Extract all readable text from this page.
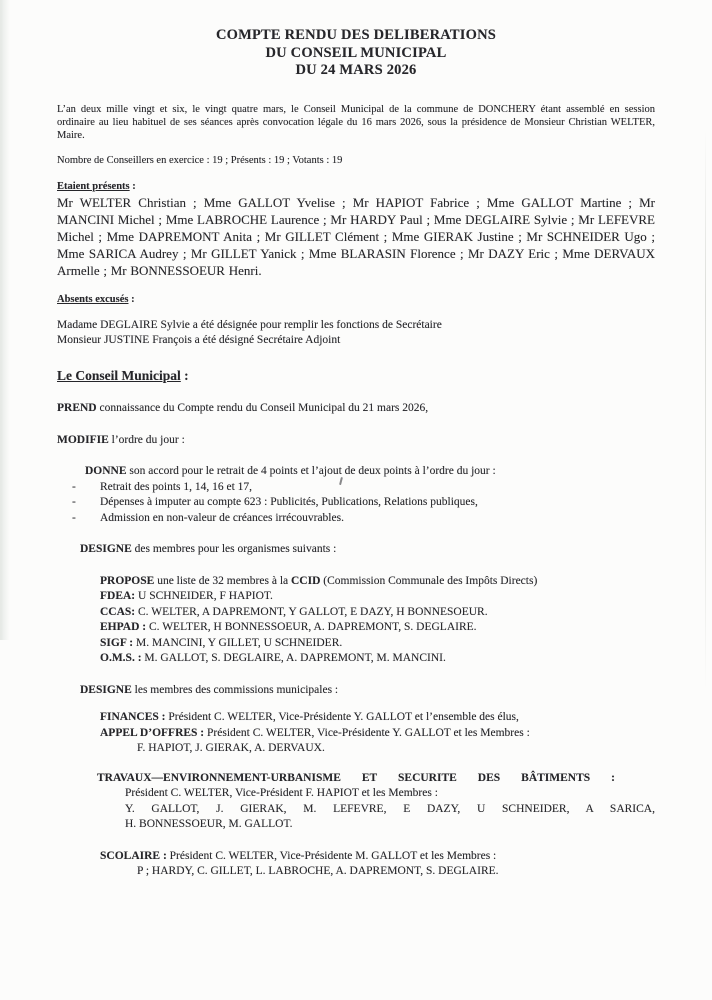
COMPTE RENDU DES DELIBERATIONS
DU CONSEIL MUNICIPAL
DU 24 MARS 2026

L’an deux mille vingt et six, le vingt quatre mars, le Conseil Municipal de la commune de DONCHERY étant assemblé en session ordinaire au lieu habituel de ses séances après convocation légale du 16 mars 2026, sous la présidence de Monsieur Christian WELTER, Maire.

Nombre de Conseillers en exercice : 19 ; Présents : 19 ; Votants : 19

Etaient présents :

Mr WELTER Christian ; Mme GALLOT Yvelise ; Mr HAPIOT Fabrice ; Mme GALLOT Martine ; Mr MANCINI Michel ; Mme LABROCHE Laurence ; Mr HARDY Paul ; Mme DEGLAIRE Sylvie ; Mr LEFEVRE Michel ; Mme DAPREMONT Anita ; Mr GILLET Clément ; Mme GIERAK Justine ; Mr SCHNEIDER Ugo ; Mme SARICA Audrey ; Mr GILLET Yanick ; Mme BLARASIN Florence ; Mr DAZY Eric ; Mme DERVAUX Armelle ; Mr BONNESSOEUR Henri.

Absents excusés :

Madame DEGLAIRE Sylvie a été désignée pour remplir les fonctions de Secrétaire
Monsieur JUSTINE François a été désigné Secrétaire Adjoint
Le Conseil Municipal :

PREND connaissance du Compte rendu du Conseil Municipal du 21 mars 2026,

MODIFIE l’ordre du jour :

DONNE son accord pour le retrait de 4 points et l’ajout de deux points à l’ordre du jour :

-	Retrait des points 1, 14, 16 et 17,
-	Dépenses à imputer au compte 623 : Publicités, Publications, Relations publiques,
-	Admission en non-valeur de créances irrécouvrables.

DESIGNE des membres pour les organismes suivants :

PROPOSE une liste de 32 membres à la CCID (Commission Communale des Impôts Directs)

FDEA: U SCHNEIDER, F HAPIOT.

CCAS: C. WELTER, A DAPREMONT, Y GALLOT, E DAZY, H BONNESOEUR.

EHPAD : C. WELTER, H BONNESSOEUR, A. DAPREMONT, S. DEGLAIRE.

SIGF : M. MANCINI, Y GILLET, U SCHNEIDER.

O.M.S. : M. GALLOT, S. DEGLAIRE, A. DAPREMONT, M. MANCINI.

DESIGNE les membres des commissions municipales :

FINANCES : Président C. WELTER, Vice-Présidente Y. GALLOT et l’ensemble des élus,

APPEL D’OFFRES : Président C. WELTER, Vice-Présidente Y. GALLOT et les Membres :

F. HAPIOT, J. GIERAK, A. DERVAUX.

TRAVAUX—ENVIRONNEMENT-URBANISME ET SECURITE DES BÂTIMENTS :

Président C. WELTER, Vice-Président F. HAPIOT et les Membres :

Y. GALLOT, J. GIERAK, M. LEFEVRE, E DAZY, U SCHNEIDER, A SARICA,

H. BONNESSOEUR, M. GALLOT.

SCOLAIRE : Président C. WELTER, Vice-Présidente M. GALLOT et les Membres :

P ; HARDY, C. GILLET, L. LABROCHE, A. DAPREMONT, S. DEGLAIRE.
